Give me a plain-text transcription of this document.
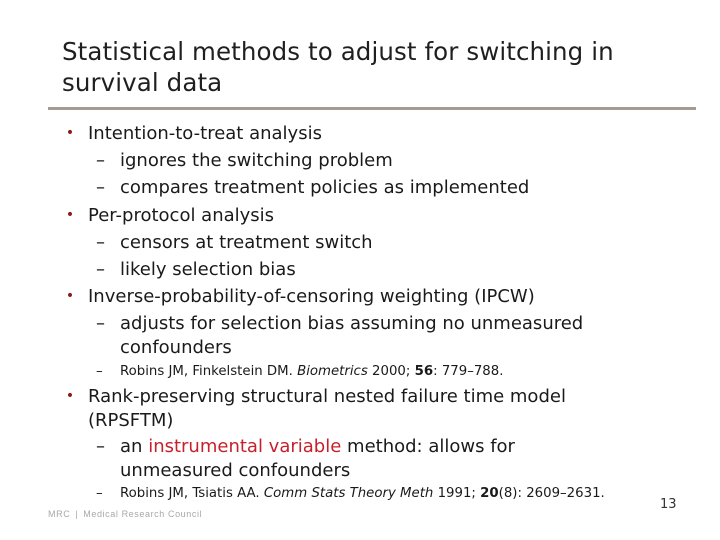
Statistical methods to adjust for switching in survival data
• Intention-to-treat analysis
– ignores the switching problem
– compares treatment policies as implemented
• Per-protocol analysis
– censors at treatment switch
– likely selection bias
• Inverse-probability-of-censoring weighting (IPCW)
– adjusts for selection bias assuming no unmeasured
confounders
– Robins JM, Finkelstein DM. Biometrics 2000; 56: 779–788.
• Rank-preserving structural nested failure time model
(RPSFTM)
– an instrumental variable method: allows for
unmeasured confounders
– Robins JM, Tsiatis AA. Comm Stats Theory Meth 1991; 20(8): 2609–2631.
MRC | Medical Research Council
13
